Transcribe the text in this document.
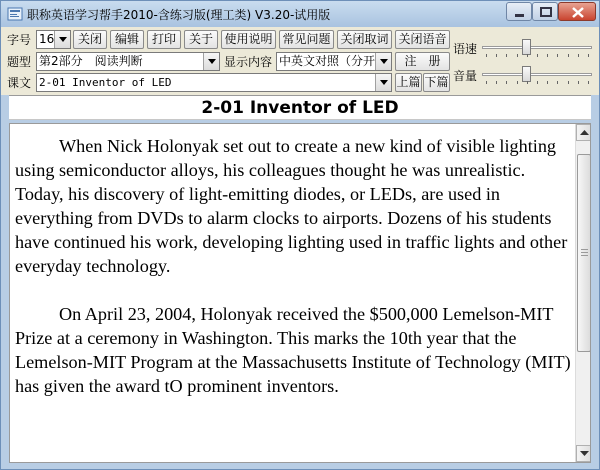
职称英语学习帮手2010-含练习版(理工类) V3.20-试用版
字号 16	关闭	编辑	打印	关于 使用说明 常见问题 关闭取词 关闭语音
题型 第2部分　阅读判断	显示内容 中英文对照（分开	注　册
课文 2-01 Inventor of LED	上篇 下篇
语速
音量
2-01 Inventor of LED

When Nick Holonyak set out to create a new kind of visible lighting using semiconductor alloys, his colleagues thought he was unrealistic. Today, his discovery of light-emitting diodes, or LEDs, are used in everything from DVDs to alarm clocks to airports. Dozens of his students have continued his work, developing lighting used in traffic lights and other everyday technology.

On April 23, 2004, Holonyak received the $500,000 Lemelson-MIT Prize at a ceremony in Washington. This marks the 10th year that the Lemelson-MIT Program at the Massachusetts Institute of Technology (MIT) has given the award tO prominent inventors.
